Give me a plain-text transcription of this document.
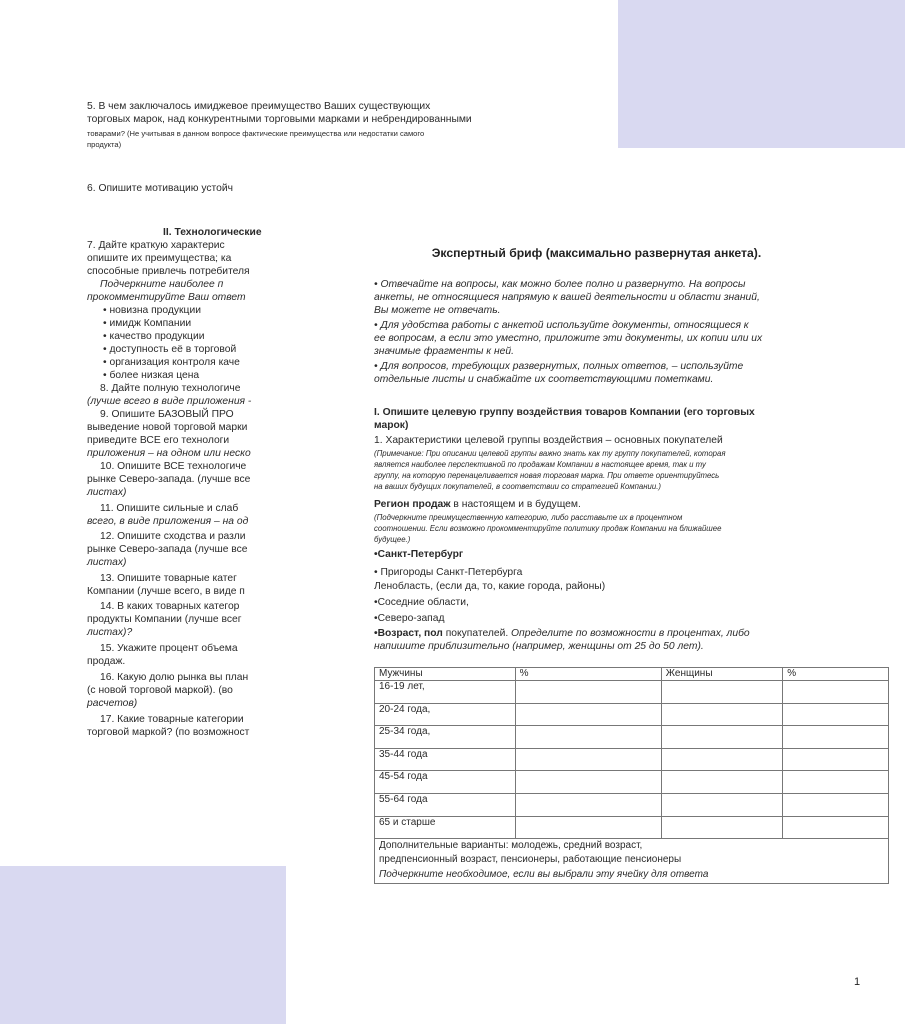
5. В чем заключалось имиджевое преимущество Ваших существующих
торговых марок, над конкурентными торговыми марками и небрендированными
товарами? (Не учитывая в данном вопросе фактические преимущества или недостатки самого
продукта)
6. Опишите мотивацию устойч
II. Технологические
7. Дайте краткую характерис
опишите их преимущества; ка
способные привлечь потребителя
Подчеркните наиболее п
прокомментируйте Ваш ответ
• новизна продукции
• имидж Компании
• качество продукции
• доступность её в торговой
• организация контроля каче
• более низкая цена
8. Дайте полную технологиче
(лучше всего в виде приложения -
9. Опишите БАЗОВЫЙ ПРО
выведение новой торговой марки
приведите ВСЕ его технологи
приложения – на одном или неско
10. Опишите ВСЕ технологиче
рынке Северо-запада. (лучше все
листах)
11. Опишите сильные и слаб
всего, в виде приложения – на од
12. Опишите сходства и разли
рынке Северо-запада (лучше все
листах)
13. Опишите товарные катег
Компании (лучше всего, в виде п
14. В каких товарных категор
продукты Компании (лучше всег
листах)?
15. Укажите процент объема
продаж.
16. Какую долю рынка вы план
(с новой торговой маркой). (во
расчетов)
17. Какие товарные категории
торговой маркой? (по возможност
Экспертный бриф (максимально развернутая анкета).
• Отвечайте на вопросы, как можно более полно и развернуто. На вопросы
анкеты, не относящиеся напрямую к вашей деятельности и области знаний,
Вы можете не отвечать.
• Для удобства работы с анкетой используйте документы, относящиеся к
ее вопросам, а если это уместно, приложите эти документы, их копии или их
значимые фрагменты к ней.
• Для вопросов, требующих развернутых, полных ответов, – используйте
отдельные листы и снабжайте их соответствующими пометками.
I. Опишите целевую группу воздействия товаров Компании (его торговых
марок)
1. Характеристики целевой группы воздействия – основных покупателей
(Примечание: При описании целевой группы важно знать как ту группу покупателей, которая
является наиболее перспективной по продажам Компании в настоящее время, так и ту
группу, на которую перенацеливается новая торговая марка. При ответе ориентируйтесь
на ваших будущих покупателей, в соответствии со стратегией Компании.)
Регион продаж в настоящем и в будущем.
(Подчеркните преимущественную категорию, либо расставьте их в процентном
соотношении. Если возможно прокомментируйте политику продаж Компании на ближайшее
будущее.)
•Санкт-Петербург
• Пригороды Санкт-Петербурга
Ленобласть, (если да, то, какие города, районы)
•Соседние области,
•Северо-запад
•Возраст, пол покупателей. Определите по возможности в процентах, либо
напишите приблизительно (например, женщины от 25 до 50 лет).
Мужчины	%	Женщины	%
16-19 лет,			
20-24 года,			
25-34 года,			
35-44 года			
45-54 года			
55-64 года			
65 и старше			

Дополнительные варианты: молодежь, средний возраст,
предпенсионный возраст, пенсионеры, работающие пенсионеры
Подчеркните необходимое, если вы выбрали эту ячейку для ответа			
1
